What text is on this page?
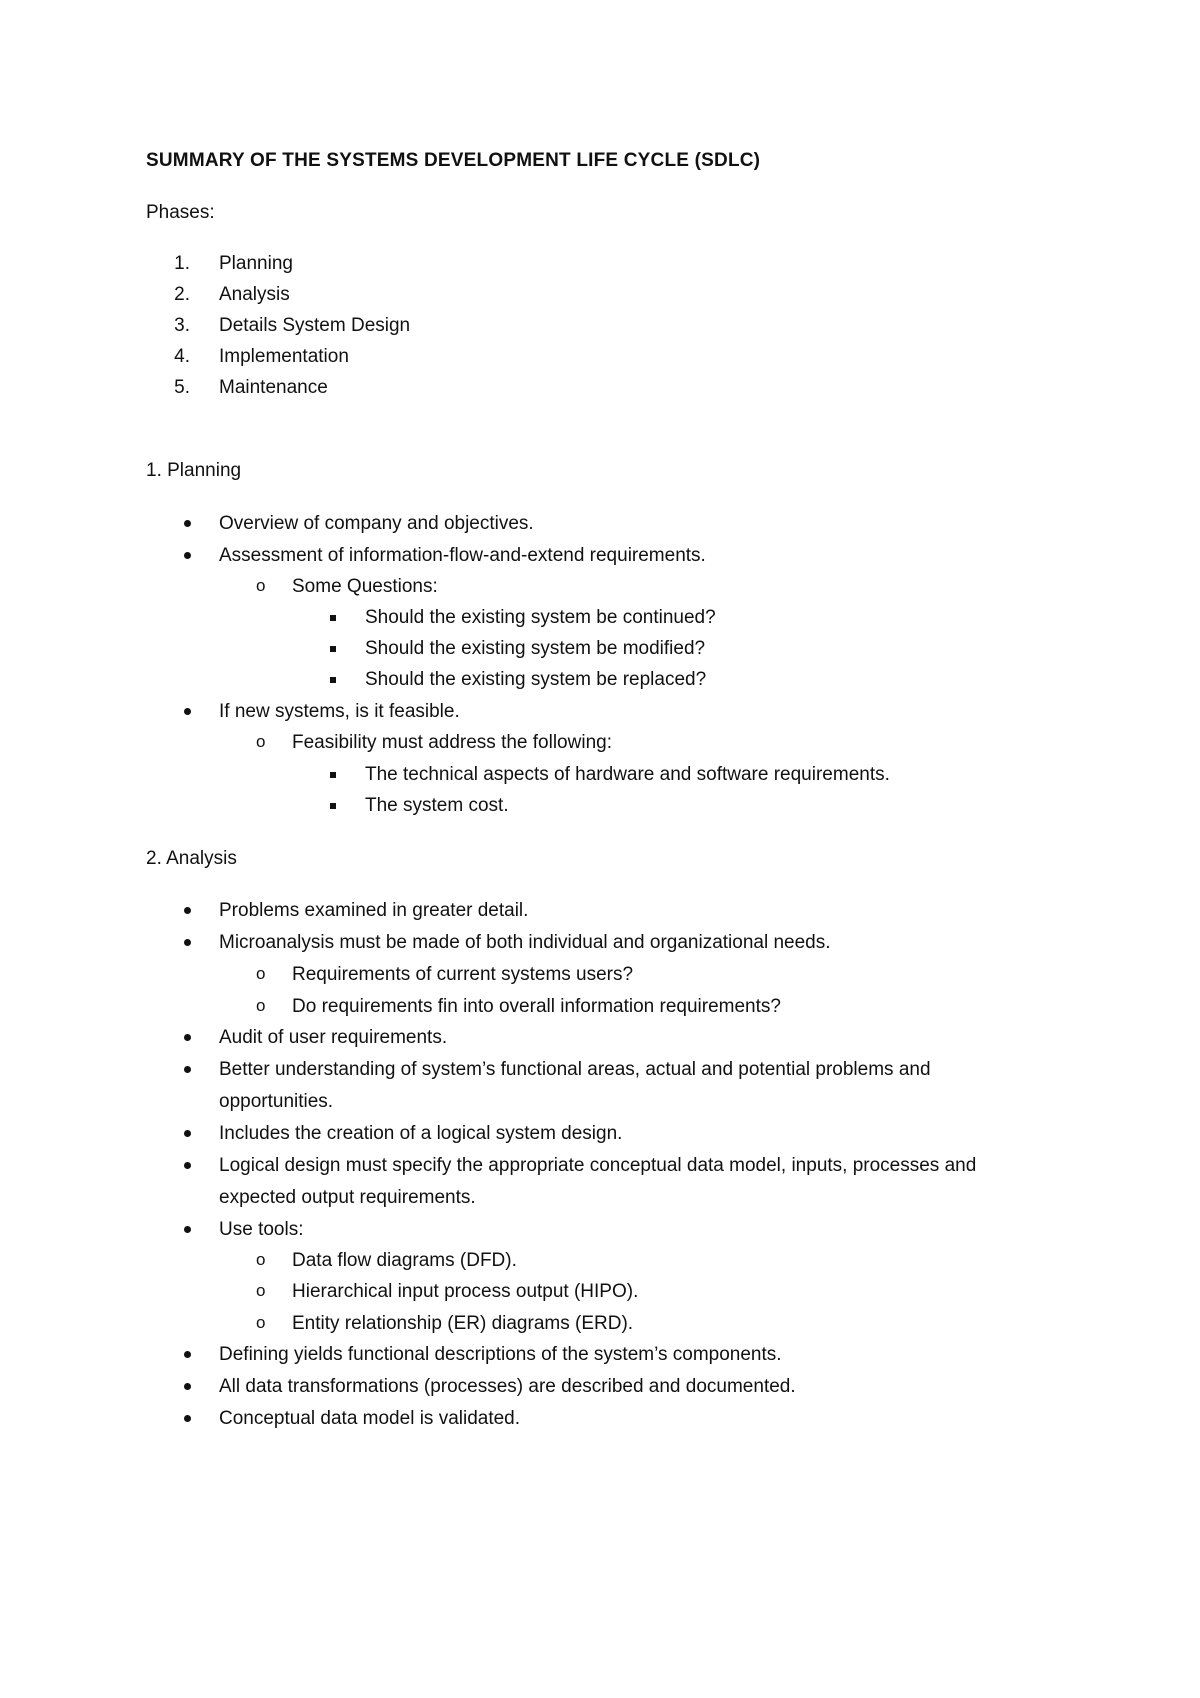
SUMMARY OF THE SYSTEMS DEVELOPMENT LIFE CYCLE (SDLC)
Phases:
1. Planning
2. Analysis
3. Details System Design
4. Implementation
5. Maintenance
1. Planning
Overview of company and objectives.
Assessment of information-flow-and-extend requirements.
o Some Questions:
Should the existing system be continued?
Should the existing system be modified?
Should the existing system be replaced?
If new systems, is it feasible.
o Feasibility must address the following:
The technical aspects of hardware and software requirements.
The system cost.
2. Analysis
Problems examined in greater detail.
Microanalysis must be made of both individual and organizational needs.
o Requirements of current systems users?
o Do requirements fin into overall information requirements?
Audit of user requirements.
Better understanding of system’s functional areas, actual and potential problems and
opportunities.
Includes the creation of a logical system design.
Logical design must specify the appropriate conceptual data model, inputs, processes and
expected output requirements.
Use tools:
o Data flow diagrams (DFD).
o Hierarchical input process output (HIPO).
o Entity relationship (ER) diagrams (ERD).
Defining yields functional descriptions of the system’s components.
All data transformations (processes) are described and documented.
Conceptual data model is validated.
